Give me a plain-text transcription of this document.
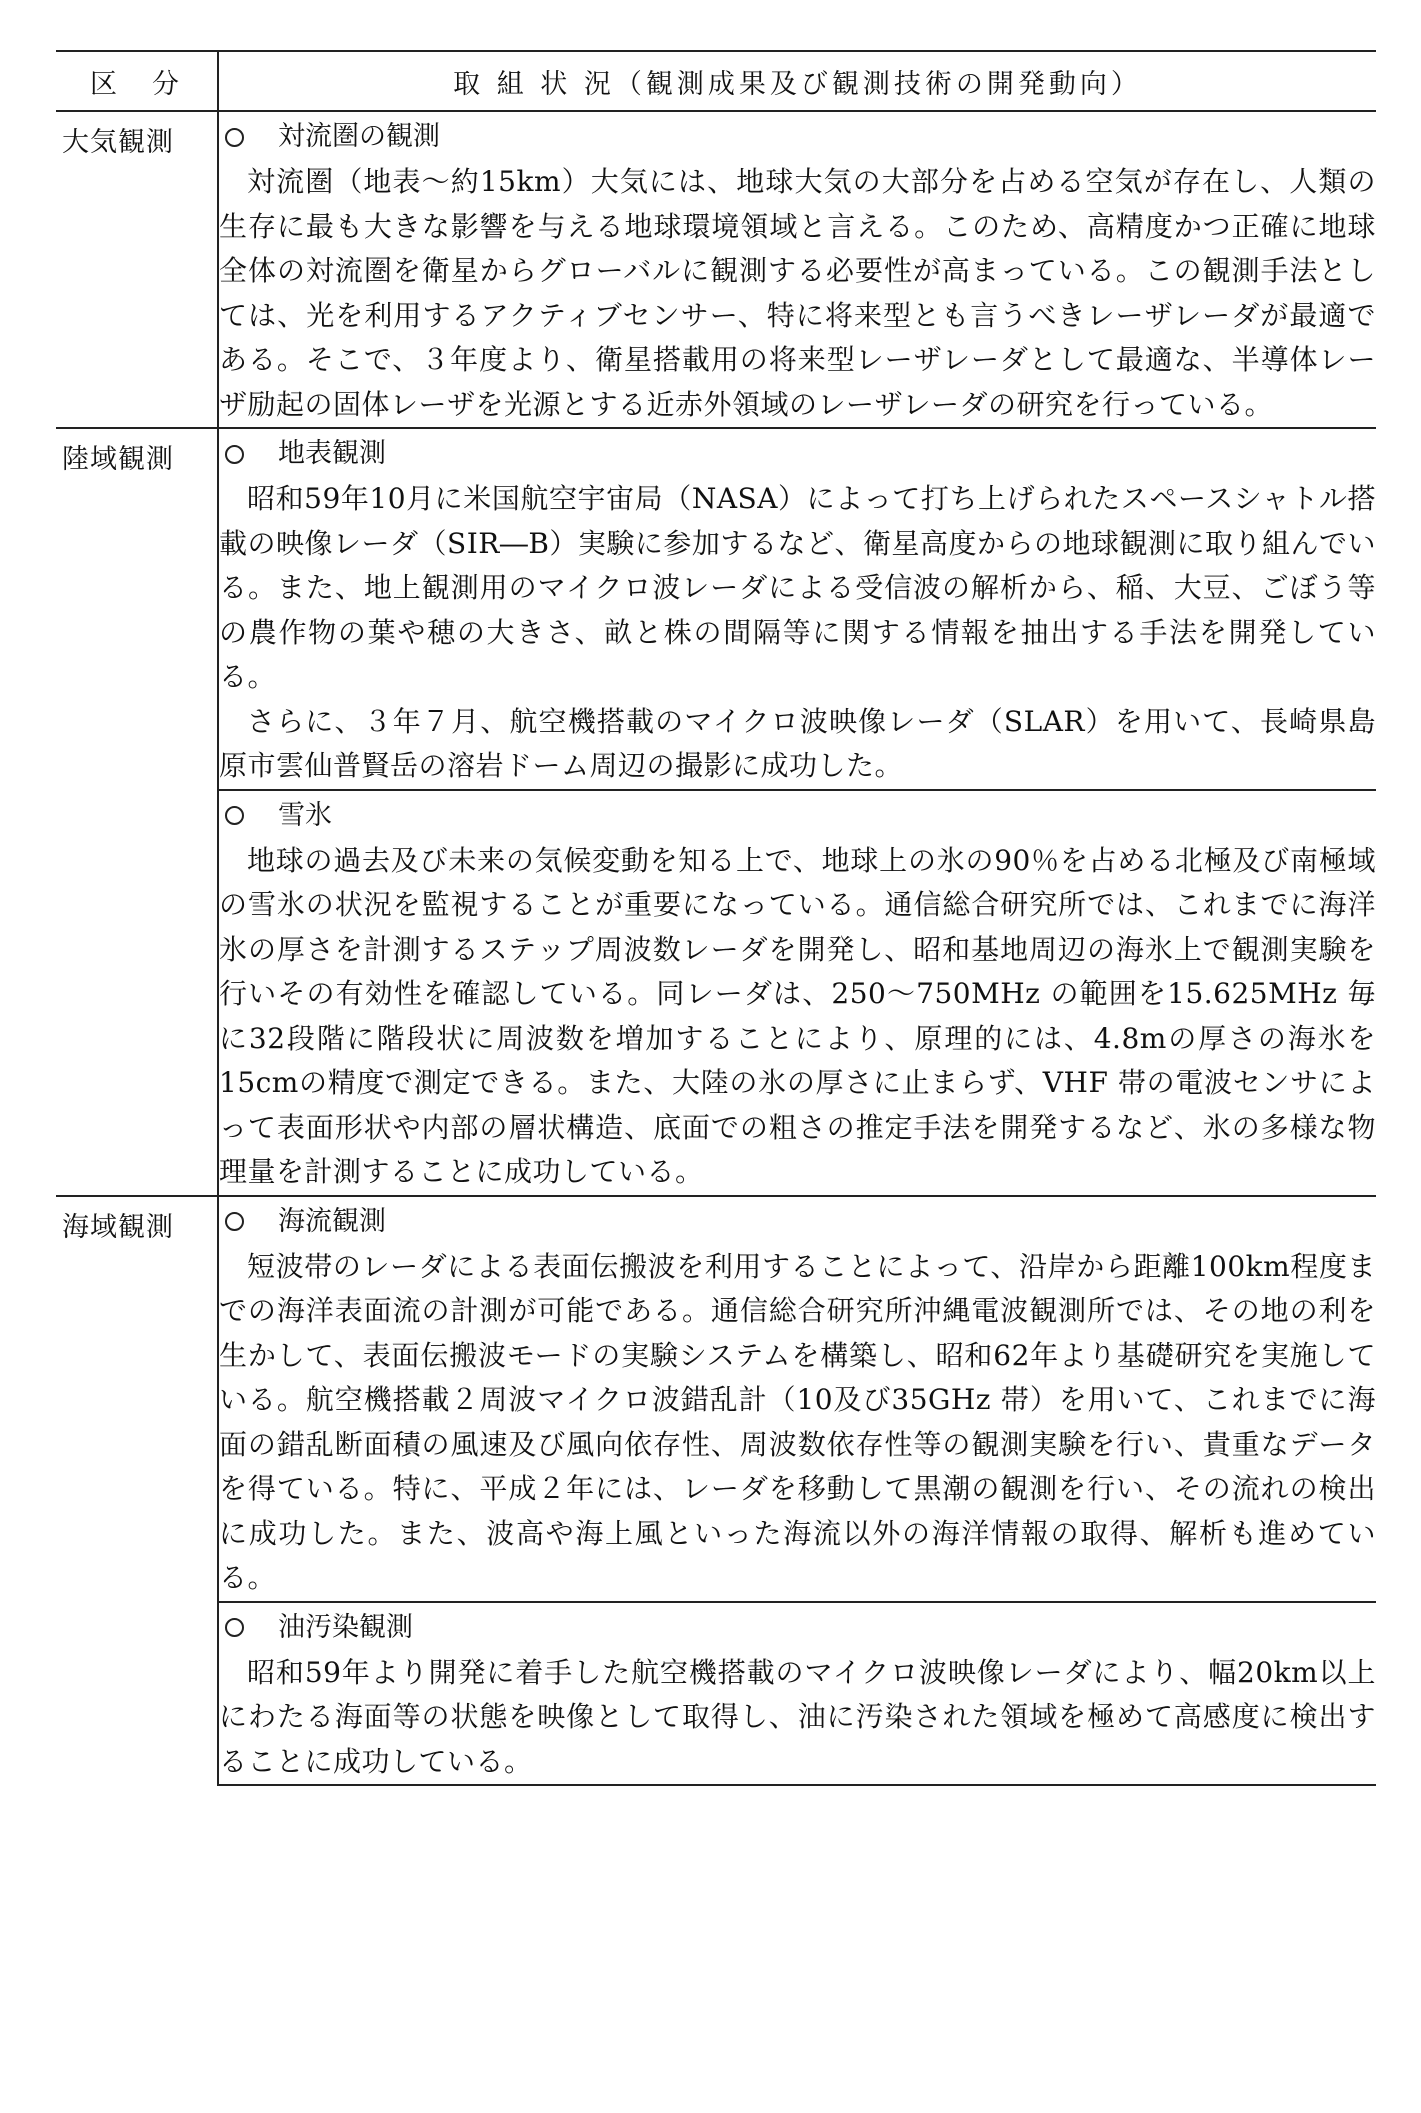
区　分	取 組 状 況（観測成果及び観測技術の開発動向）
大気観測	対流圏の観測

対流圏（地表～約15km）大気には、地球大気の大部分を占める空気が存在し、人類の生存に最も大きな影響を与える地球環境領域と言える。このため、高精度かつ正確に地球全体の対流圏を衛星からグローバルに観測する必要性が高まっている。この観測手法としては、光を利用するアクティブセンサー、特に将来型とも言うべきレーザレーダが最適である。そこで、３年度より、衛星搭載用の将来型レーザレーダとして最適な、半導体レーザ励起の固体レーザを光源とする近赤外領域のレーザレーダの研究を行っている。

陸域観測	地表観測

昭和59年10月に米国航空宇宙局（NASA）によって打ち上げられたスペースシャトル搭載の映像レーダ（SIR―B）実験に参加するなど、衛星高度からの地球観測に取り組んでいる。また、地上観測用のマイクロ波レーダによる受信波の解析から、稲、大豆、ごぼう等の農作物の葉や穂の大きさ、畝と株の間隔等に関する情報を抽出する手法を開発している。

さらに、３年７月、航空機搭載のマイクロ波映像レーダ（SLAR）を用いて、長崎県島原市雲仙普賢岳の溶岩ドーム周辺の撮影に成功した。

	雪氷

地球の過去及び未来の気候変動を知る上で、地球上の氷の90％を占める北極及び南極域の雪氷の状況を監視することが重要になっている。通信総合研究所では、これまでに海洋氷の厚さを計測するステップ周波数レーダを開発し、昭和基地周辺の海氷上で観測実験を行いその有効性を確認している。同レーダは、250～750MHz の範囲を15.625MHz 毎に32段階に階段状に周波数を増加することにより、原理的には、4.8mの厚さの海氷を15cmの精度で測定できる。また、大陸の氷の厚さに止まらず、VHF 帯の電波センサによって表面形状や内部の層状構造、底面での粗さの推定手法を開発するなど、氷の多様な物理量を計測することに成功している。

海域観測	海流観測

短波帯のレーダによる表面伝搬波を利用することによって、沿岸から距離100km程度までの海洋表面流の計測が可能である。通信総合研究所沖縄電波観測所では、その地の利を生かして、表面伝搬波モードの実験システムを構築し、昭和62年より基礎研究を実施している。航空機搭載２周波マイクロ波錯乱計（10及び35GHz 帯）を用いて、これまでに海面の錯乱断面積の風速及び風向依存性、周波数依存性等の観測実験を行い、貴重なデータを得ている。特に、平成２年には、レーダを移動して黒潮の観測を行い、その流れの検出に成功した。また、波高や海上風といった海流以外の海洋情報の取得、解析も進めている。

	油汚染観測

昭和59年より開発に着手した航空機搭載のマイクロ波映像レーダにより、幅20km以上にわたる海面等の状態を映像として取得し、油に汚染された領域を極めて高感度に検出することに成功している。
